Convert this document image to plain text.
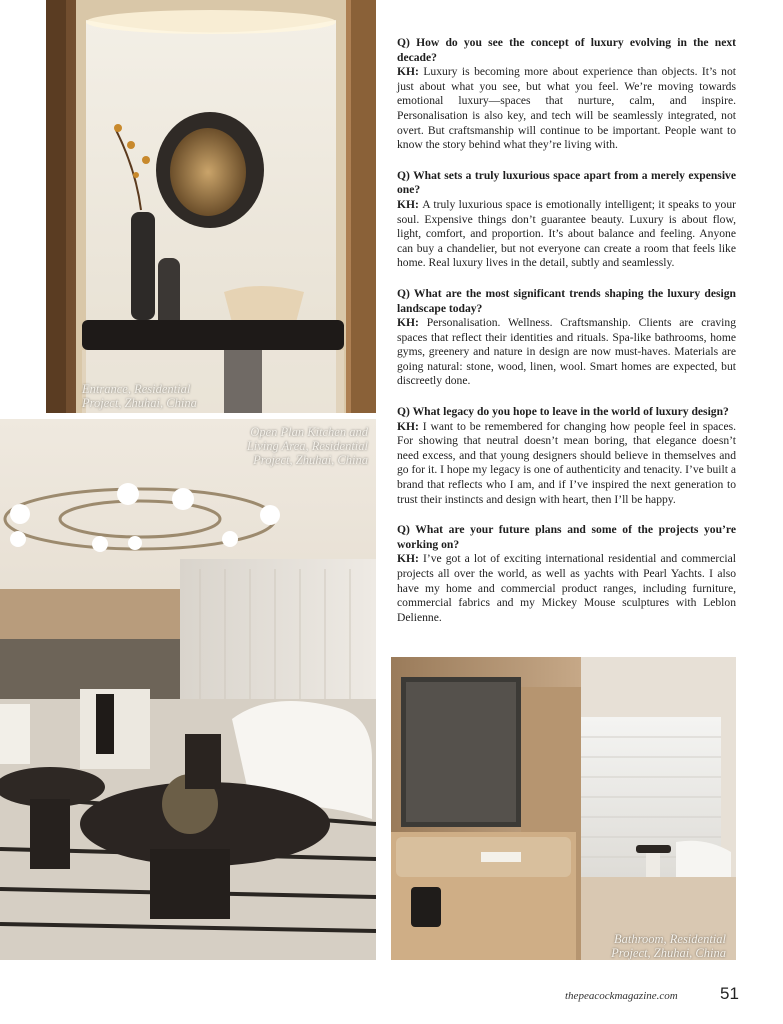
Entrance, Residential
Project, Zhuhai, China
Open Plan Kitchen and
Living Area, Residential
Project, Zhuhai, China
Bathroom, Residential
Project, Zhuhai, China
Q) How do you see the concept of luxury evolving in the next decade?
KH: Luxury is becoming more about experience than objects. It’s not just about what you see, but what you feel. We’re moving towards emotional luxury—spaces that nurture, calm, and inspire. Personalisation is also key, and tech will be seamlessly integrated, not overt. But craftsmanship will continue to be important. People want to know the story behind what they’re living with.
Q) What sets a truly luxurious space apart from a merely expensive one?
KH: A truly luxurious space is emotionally intelligent; it speaks to your soul. Expensive things don’t guarantee beauty. Luxury is about flow, light, comfort, and proportion. It’s about balance and feeling. Anyone can buy a chandelier, but not everyone can create a room that feels like home. Real luxury lives in the detail, subtly and seamlessly.
Q) What are the most significant trends shaping the luxury design landscape today?
KH: Personalisation. Wellness. Craftsmanship. Clients are craving spaces that reflect their identities and rituals. Spa-like bathrooms, home gyms, greenery and nature in design are now must-haves. Materials are going natural: stone, wood, linen, wool. Smart homes are expected, but discreetly done.
Q) What legacy do you hope to leave in the world of luxury design?
KH: I want to be remembered for changing how people feel in spaces. For showing that neutral doesn’t mean boring, that elegance doesn’t need excess, and that young designers should believe in themselves and go for it. I hope my legacy is one of authenticity and tenacity. I’ve built a brand that reflects who I am, and if I’ve inspired the next generation to trust their instincts and design with heart, then I’ll be happy.
Q) What are your future plans and some of the projects you’re working on?
KH: I’ve got a lot of exciting international residential and commercial projects all over the world, as well as yachts with Pearl Yachts. I also have my home and commercial product ranges, including furniture, commercial fabrics and my Mickey Mouse sculptures with Leblon Delienne.
thepeacockmagazine.com 51
